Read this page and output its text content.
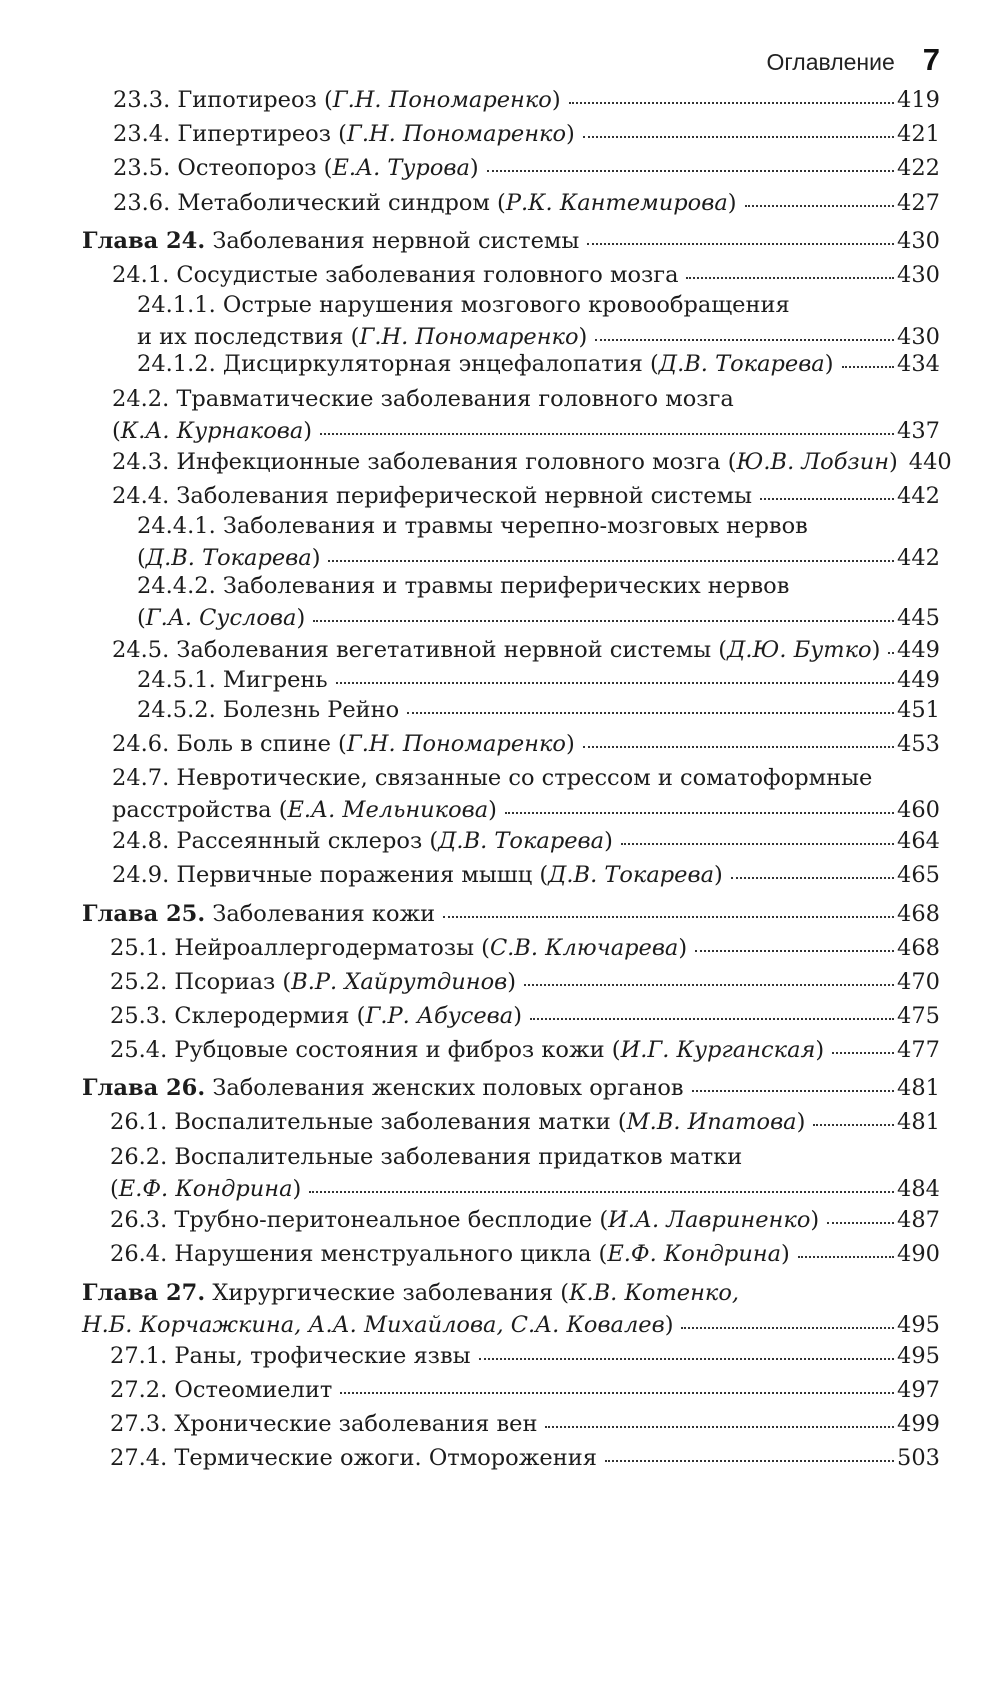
Оглавление 7
23.3. Гипотиреоз (Г.Н. Пономаренко)	419
23.4. Гипертиреоз (Г.Н. Пономаренко)	421
23.5. Остеопороз (Е.А. Турова)	422
23.6. Метаболический синдром (Р.К. Кантемирова)	427
Глава 24. Заболевания нервной системы	430
24.1. Сосудистые заболевания головного мозга	430
24.1.1. Острые нарушения мозгового кровообращения
и их последствия (Г.Н. Пономаренко)	430
24.1.2. Дисциркуляторная энцефалопатия (Д.В. Токарева)	434
24.2. Травматические заболевания головного мозга
(К.А. Курнакова)	437
24.3. Инфекционные заболевания головного мозга (Ю.В. Лобзин) 440
24.4. Заболевания периферической нервной системы	442
24.4.1. Заболевания и травмы черепно-мозговых нервов
(Д.В. Токарева)	442
24.4.2. Заболевания и травмы периферических нервов
(Г.А. Суслова)	445
24.5. Заболевания вегетативной нервной системы (Д.Ю. Бутко) 449
24.5.1. Мигрень	449
24.5.2. Болезнь Рейно	451
24.6. Боль в спине (Г.Н. Пономаренко)	453
24.7. Невротические, связанные со стрессом и соматоформные
расстройства (Е.А. Мельникова)	460
24.8. Рассеянный склероз (Д.В. Токарева)	464
24.9. Первичные поражения мышц (Д.В. Токарева)	465
Глава 25. Заболевания кожи	468
25.1. Нейроаллергодерматозы (С.В. Ключарева)	468
25.2. Псориаз (В.Р. Хайрутдинов)	470
25.3. Склеродермия (Г.Р. Абусева)	475
25.4. Рубцовые состояния и фиброз кожи (И.Г. Курганская)	477
Глава 26. Заболевания женских половых органов	481
26.1. Воспалительные заболевания матки (М.В. Ипатова)	481
26.2. Воспалительные заболевания придатков матки
(Е.Ф. Кондрина)	484
26.3. Трубно-перитонеальное бесплодие (И.А. Лавриненко)	487
26.4. Нарушения менструального цикла (Е.Ф. Кондрина)	490
Глава 27. Хирургические заболевания (К.В. Котенко,
Н.Б. Корчажкина, А.А. Михайлова, С.А. Ковалев)	495
27.1. Раны, трофические язвы	495
27.2. Остеомиелит	497
27.3. Хронические заболевания вен	499
27.4. Термические ожоги. Отморожения	503
